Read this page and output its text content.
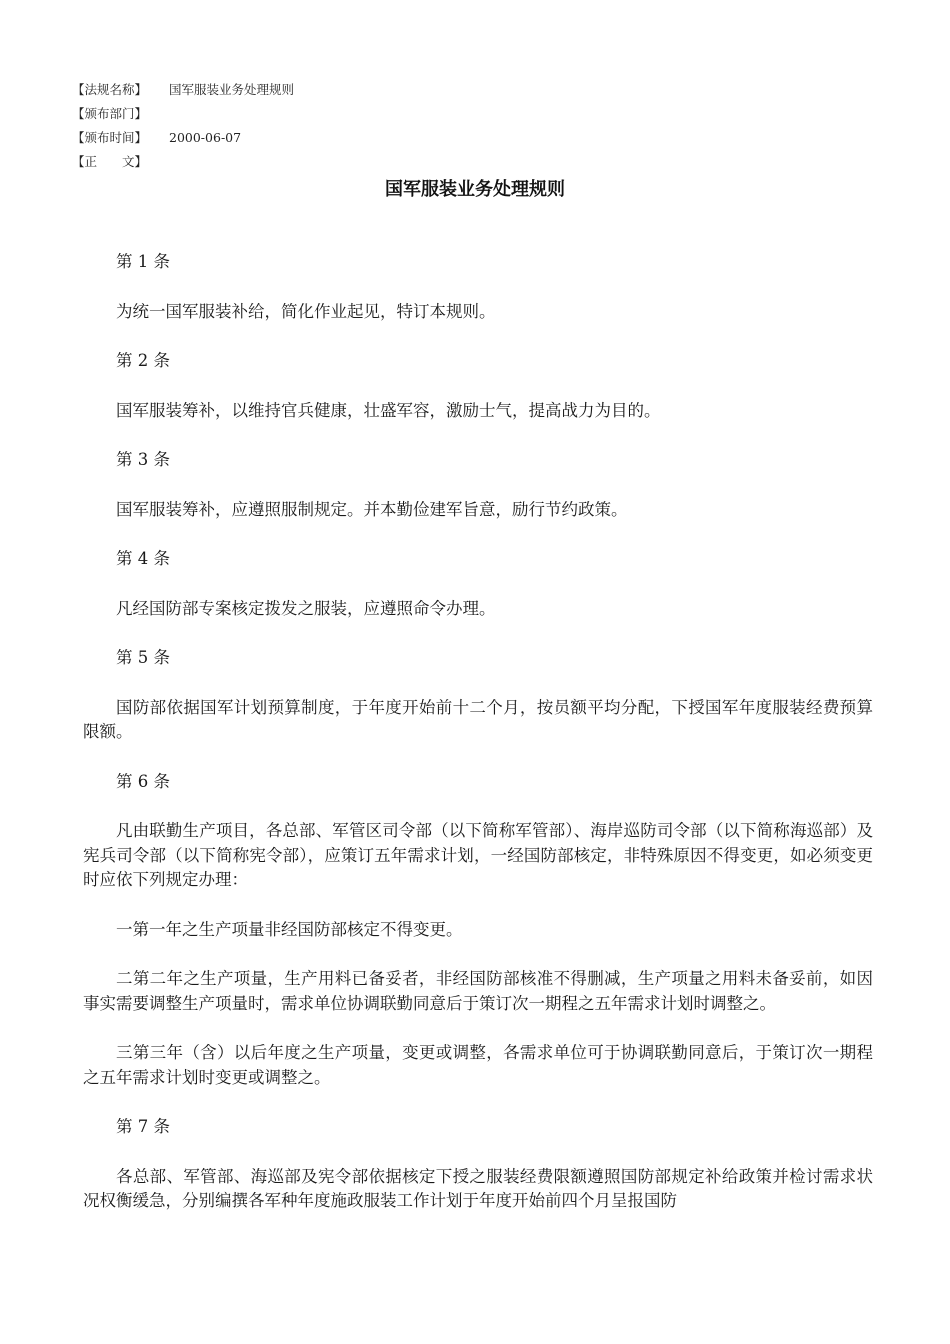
【法规名称】	国军服装业务处理规则
【颁布部门】
【颁布时间】	2000-06-07
【正　　文】
国军服装业务处理规则

第 1 条

为统一国军服装补给，简化作业起见，特订本规则。

第 2 条

国军服装筹补，以维持官兵健康，壮盛军容，激励士气，提高战力为目的。

第 3 条

国军服装筹补，应遵照服制规定。并本勤俭建军旨意，励行节约政策。

第 4 条

凡经国防部专案核定拨发之服装，应遵照命令办理。

第 5 条

国防部依据国军计划预算制度，于年度开始前十二个月，按员额平均分配，下授国军年度服装经费预算限额。

第 6 条

凡由联勤生产项目，各总部、军管区司令部（以下简称军管部）、海岸巡防司令部（以下简称海巡部）及宪兵司令部（以下简称宪令部），应策订五年需求计划，一经国防部核定，非特殊原因不得变更，如必须变更时应依下列规定办理：

一第一年之生产项量非经国防部核定不得变更。

二第二年之生产项量，生产用料已备妥者，非经国防部核准不得删减，生产项量之用料未备妥前，如因事实需要调整生产项量时，需求单位协调联勤同意后于策订次一期程之五年需求计划时调整之。

三第三年（含）以后年度之生产项量，变更或调整，各需求单位可于协调联勤同意后，于策订次一期程之五年需求计划时变更或调整之。

第 7 条

各总部、军管部、海巡部及宪令部依据核定下授之服装经费限额遵照国防部规定补给政策并检讨需求状况权衡缓急，分别编撰各军种年度施政服装工作计划于年度开始前四个月呈报国防
